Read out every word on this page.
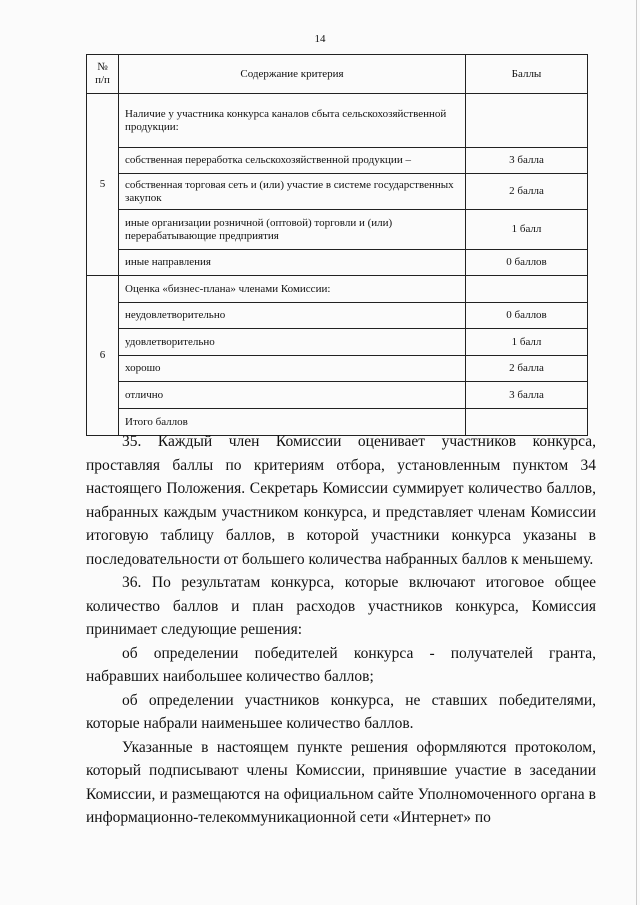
14
№
п/п	Содержание критерия	Баллы
5	Наличие у участника конкурса каналов сбыта сельскохозяйственной продукции:	
	собственная переработка сельскохозяйственной продукции –	3 балла
	собственная торговая сеть и (или) участие в системе государственных закупок	2 балла
	иные организации розничной (оптовой) торговли и (или) перерабатывающие предприятия	1 балл
	иные направления	0 баллов
6	Оценка «бизнес-плана» членами Комиссии:	
	неудовлетворительно	0 баллов
	удовлетворительно	1 балл
	хорошо	2 балла
	отлично	3 балла
	Итого баллов	

35. Каждый член Комиссии оценивает участников конкурса, проставляя баллы по критериям отбора, установленным пунктом 34 настоящего Положения. Секретарь Комиссии суммирует количество баллов, набранных каждым участником конкурса, и представляет членам Комиссии итоговую таблицу баллов, в которой участники конкурса указаны в последовательности от большего количества набранных баллов к меньшему.

36. По результатам конкурса, которые включают итоговое общее количество баллов и план расходов участников конкурса, Комиссия принимает следующие решения:

об определении победителей конкурса - получателей гранта, набравших наибольшее количество баллов;

об определении участников конкурса, не ставших победителями, которые набрали наименьшее количество баллов.

Указанные в настоящем пункте решения оформляются протоколом, который подписывают члены Комиссии, принявшие участие в заседании Комиссии, и размещаются на официальном сайте Уполномоченного органа в информационно-телекоммуникационной сети «Интернет» по
